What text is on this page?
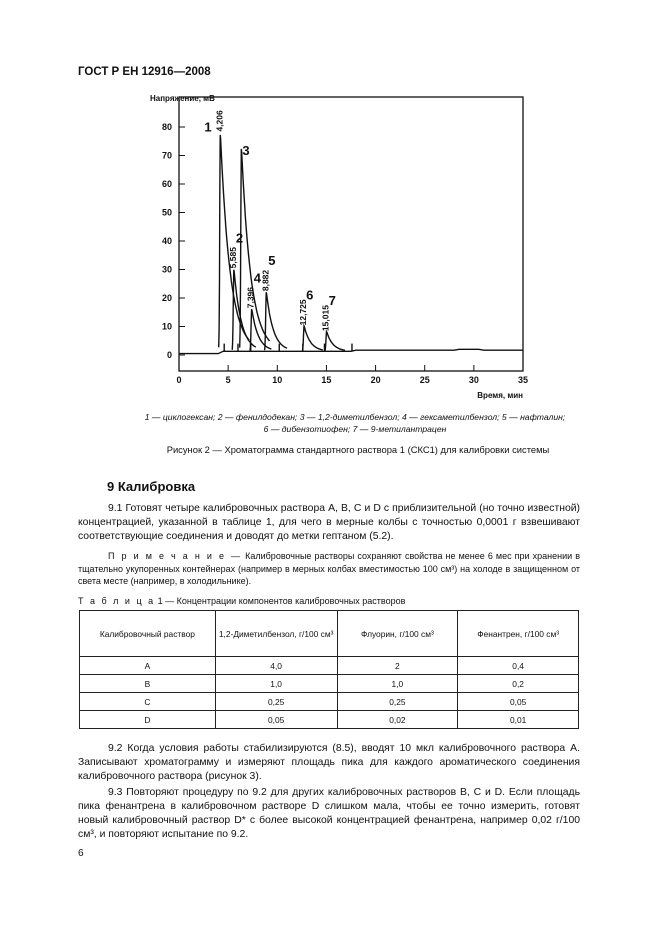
ГОСТ Р ЕН 12916—2008
Напряжение, мВ
Время, мин
0
10
20
30
40
50
60
70
80
0	5	10	15	20	25	30	35
1 4,206
2
5,585
3
4
7,396
5
8,882
6
12,725 7
15,015
1 — циклогексан; 2 — фенилдодекан; 3 — 1,2-диметилбензол; 4 — гексаметилбензол; 5 — нафталин;
6 — дибензотиофен; 7 — 9-метилантрацен
Рисунок 2 — Хроматограмма стандартного раствора 1 (СКС1) для калибровки системы
9 Калибровка
9.1 Готовят четыре калибровочных раствора A, B, C и D с приблизительной (но точно известной) концентрацией, указанной в таблице 1, для чего в мерные колбы с точностью 0,0001 г взвешивают соответствующие соединения и доводят до метки гептаном (5.2).
П р и м е ч а н и е — Калибровочные растворы сохраняют свойства не менее 6 мес при хранении в тщательно укупоренных контейнерах (например в мерных колбах вместимостью 100 см³) на холоде в защищенном от света месте (например, в холодильнике).
Т а б л и ц а 1 — Концентрации компонентов калибровочных растворов
Калибровочный раствор	1,2-Диметилбензол, г/100 см³	Флуорин, г/100 см³	Фенантрен, г/100 см³
A	4,0	2	0,4
B	1,0	1,0	0,2
C	0,25	0,25	0,05
D	0,05	0,02	0,01
9.2 Когда условия работы стабилизируются (8.5), вводят 10 мкл калибровочного раствора A. Записывают хроматограмму и измеряют площадь пика для каждого ароматического соединения калибровочного раствора (рисунок 3).
9.3 Повторяют процедуру по 9.2 для других калибровочных растворов B, C и D. Если площадь пика фенантрена в калибровочном растворе D слишком мала, чтобы ее точно измерить, готовят новый калибровочный раствор D* с более высокой концентрацией фенантрена, например 0,02 г/100 см³, и повторяют испытание по 9.2.
6
